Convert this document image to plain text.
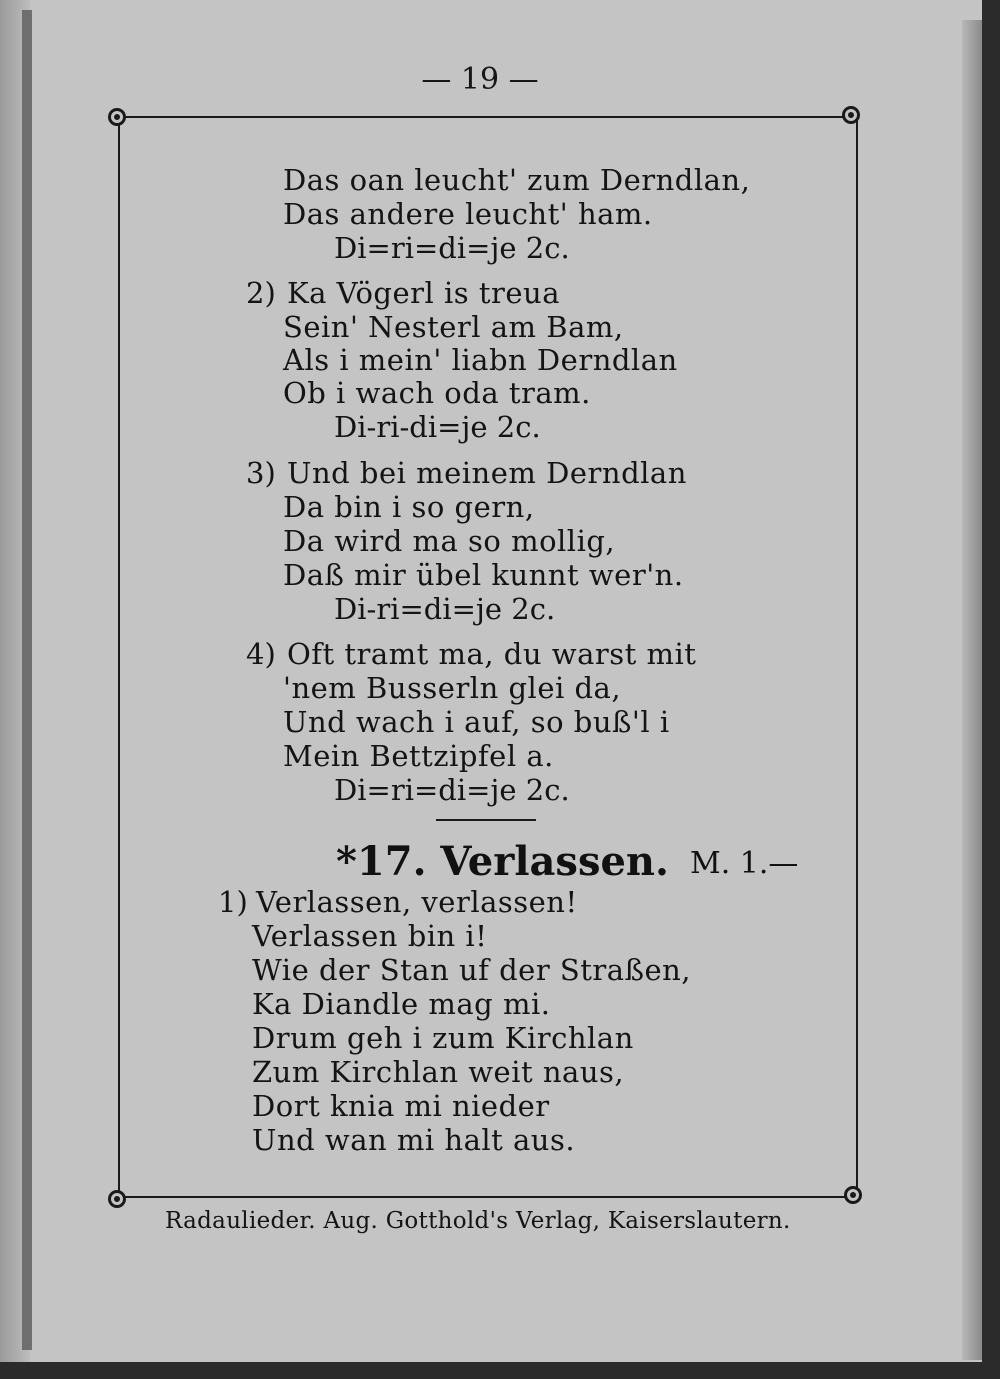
— 19 —
Das oan leucht' zum Derndlan,
Das andere leucht' ham.
Di=ri=di=je 2c.
2) Ka Vögerl is treua
Sein' Nesterl am Bam,
Als i mein' liabn Derndlan
Ob i wach oda tram.
Di-ri-di=je 2c.
3) Und bei meinem Derndlan
Da bin i so gern,
Da wird ma so mollig,
Daß mir übel kunnt wer'n.
Di-ri=di=je 2c.
4) Oft tramt ma, du warst mit
'nem Busserln glei da,
Und wach i auf, so buß'l i
Mein Bettzipfel a.
Di=ri=di=je 2c.
*17. Verlassen. M. 1.—
1) Verlassen, verlassen!
Verlassen bin i!
Wie der Stan uf der Straßen,
Ka Diandle mag mi.
Drum geh i zum Kirchlan
Zum Kirchlan weit naus,
Dort knia mi nieder
Und wan mi halt aus.
Radaulieder. Aug. Gotthold's Verlag, Kaiserslautern.
